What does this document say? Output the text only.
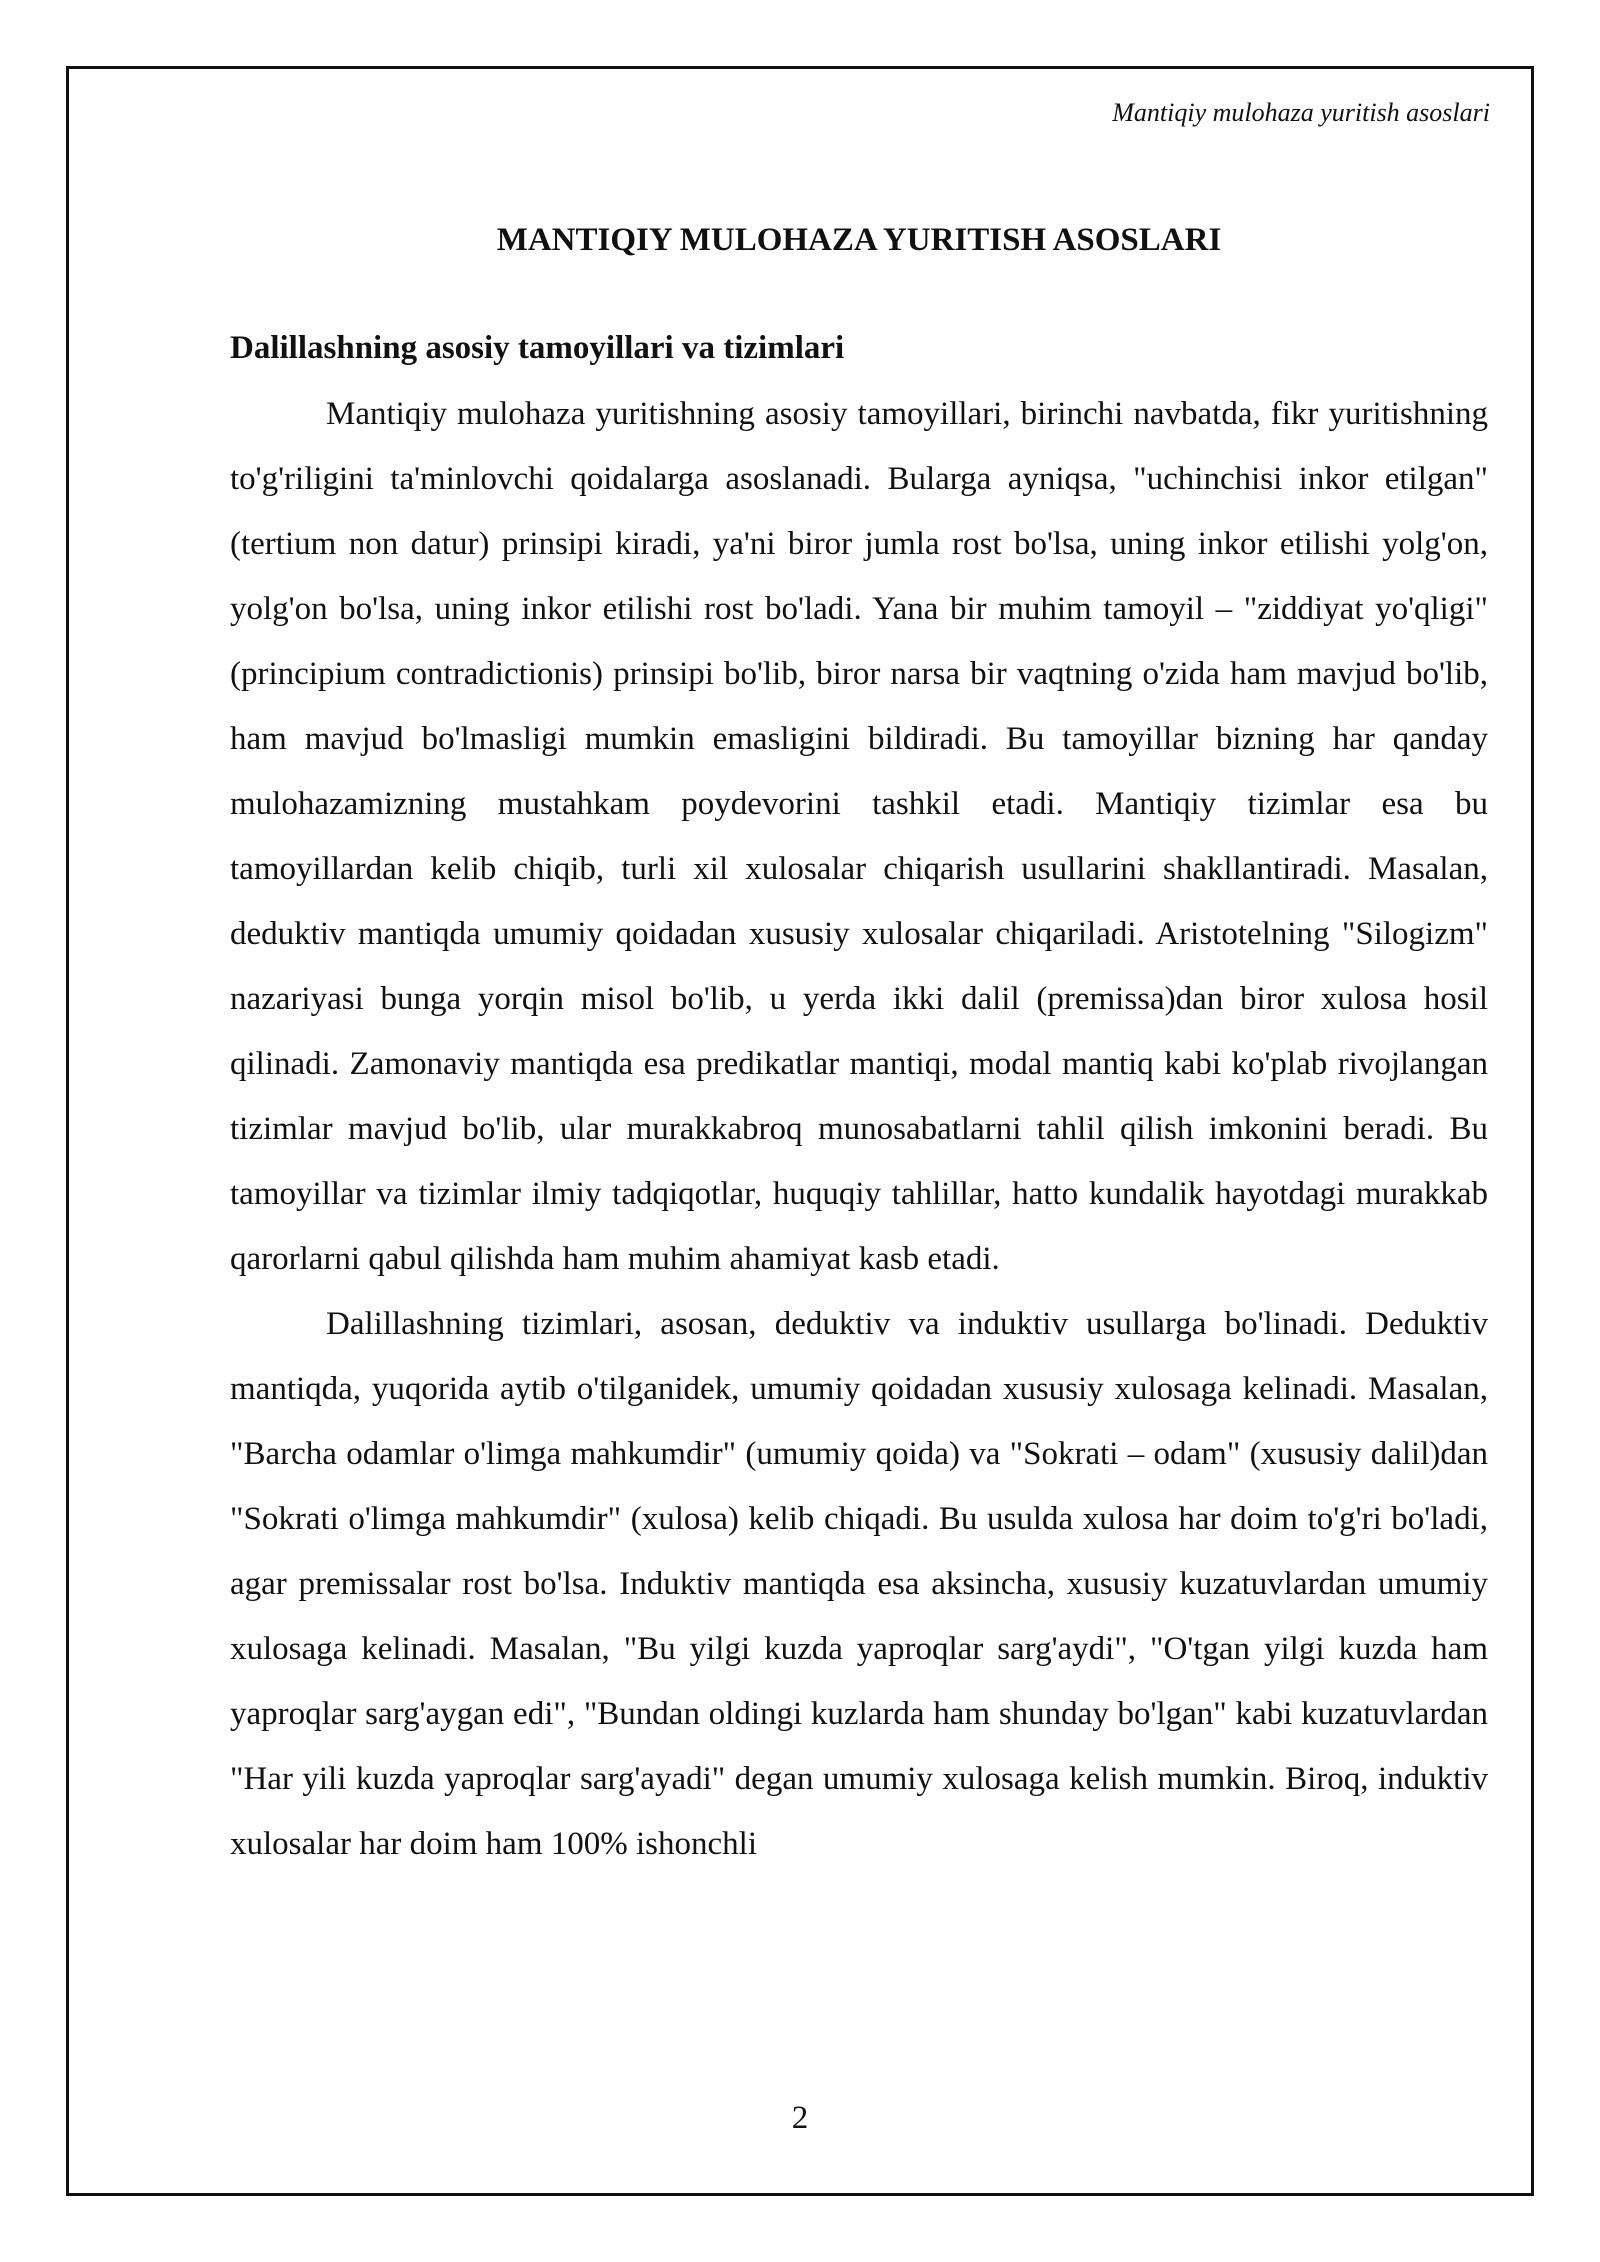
Mantiqiy mulohaza yuritish asoslari
MANTIQIY MULOHAZA YURITISH ASOSLARI
Dalillashning asosiy tamoyillari va tizimlari

Mantiqiy mulohaza yuritishning asosiy tamoyillari, birinchi navbatda, fikr yuritishning to'g'riligini ta'minlovchi qoidalarga asoslanadi. Bularga ayniqsa, "uchinchisi inkor etilgan" (tertium non datur) prinsipi kiradi, ya'ni biror jumla rost bo'lsa, uning inkor etilishi yolg'on, yolg'on bo'lsa, uning inkor etilishi rost bo'ladi. Yana bir muhim tamoyil – "ziddiyat yo'qligi" (principium contradictionis) prinsipi bo'lib, biror narsa bir vaqtning o'zida ham mavjud bo'lib, ham mavjud bo'lmasligi mumkin emasligini bildiradi. Bu tamoyillar bizning har qanday mulohazamizning mustahkam poydevorini tashkil etadi. Mantiqiy tizimlar esa bu tamoyillardan kelib chiqib, turli xil xulosalar chiqarish usullarini shakllantiradi. Masalan, deduktiv mantiqda umumiy qoidadan xususiy xulosalar chiqariladi. Aristotelning "Silogizm" nazariyasi bunga yorqin misol bo'lib, u yerda ikki dalil (premissa)dan biror xulosa hosil qilinadi. Zamonaviy mantiqda esa predikatlar mantiqi, modal mantiq kabi ko'plab rivojlangan tizimlar mavjud bo'lib, ular murakkabroq munosabatlarni tahlil qilish imkonini beradi. Bu tamoyillar va tizimlar ilmiy tadqiqotlar, huquqiy tahlillar, hatto kundalik hayotdagi murakkab qarorlarni qabul qilishda ham muhim ahamiyat kasb etadi.

Dalillashning tizimlari, asosan, deduktiv va induktiv usullarga bo'linadi. Deduktiv mantiqda, yuqorida aytib o'tilganidek, umumiy qoidadan xususiy xulosaga kelinadi. Masalan, "Barcha odamlar o'limga mahkumdir" (umumiy qoida) va "Sokrati – odam" (xususiy dalil)dan "Sokrati o'limga mahkumdir" (xulosa) kelib chiqadi. Bu usulda xulosa har doim to'g'ri bo'ladi, agar premissalar rost bo'lsa. Induktiv mantiqda esa aksincha, xususiy kuzatuvlardan umumiy xulosaga kelinadi. Masalan, "Bu yilgi kuzda yaproqlar sarg'aydi", "O'tgan yilgi kuzda ham yaproqlar sarg'aygan edi", "Bundan oldingi kuzlarda ham shunday bo'lgan" kabi kuzatuvlardan "Har yili kuzda yaproqlar sarg'ayadi" degan umumiy xulosaga kelish mumkin. Biroq, induktiv xulosalar har doim ham 100% ishonchli

2
